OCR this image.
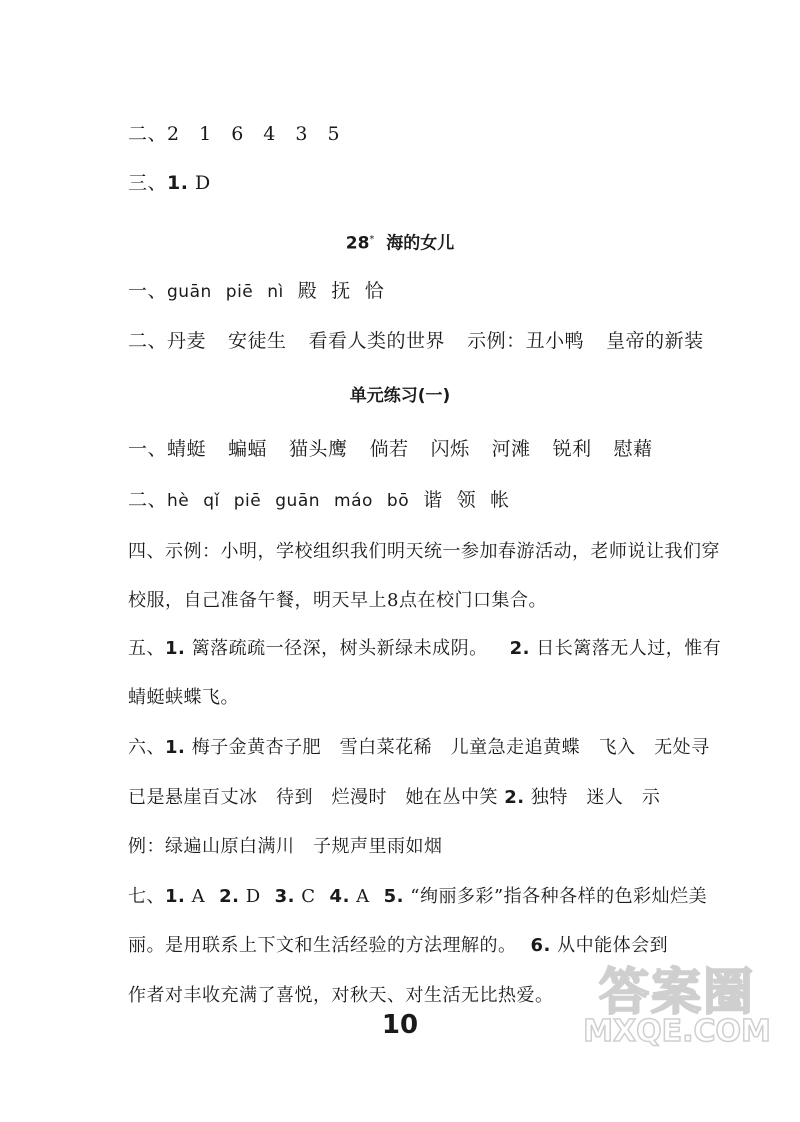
二、2　1　6　4　3　5
三、1. D
28* 海的女儿
一、guān piē nì 殿 抚 恰
二、丹麦 安徒生 看看人类的世界 示例：丑小鸭 皇帝的新装
单元练习(一)
一、蜻蜓 蝙蝠 猫头鹰 倘若 闪烁 河滩 锐利 慰藉
二、hè qǐ piē guān máo bō 谐 领 帐
四、示例：小明，学校组织我们明天统一参加春游活动，老师说让我们穿
校服，自己准备午餐，明天早上8点在校门口集合。
五、1. 篱落疏疏一径深，树头新绿未成阴。 2. 日长篱落无人过，惟有
蜻蜓蛱蝶飞。
六、1. 梅子金黄杏子肥　雪白菜花稀　儿童急走追黄蝶　飞入　无处寻
已是悬崖百丈冰　待到　烂漫时　她在丛中笑 2. 独特　迷人　示
例：绿遍山原白满川　子规声里雨如烟
七、1. A 2. D 3. C 4. A 5. “绚丽多彩”指各种各样的色彩灿烂美
丽。是用联系上下文和生活经验的方法理解的。 6. 从中能体会到
作者对丰收充满了喜悦，对秋天、对生活无比热爱。
10
答案圈
MXQE.COM
